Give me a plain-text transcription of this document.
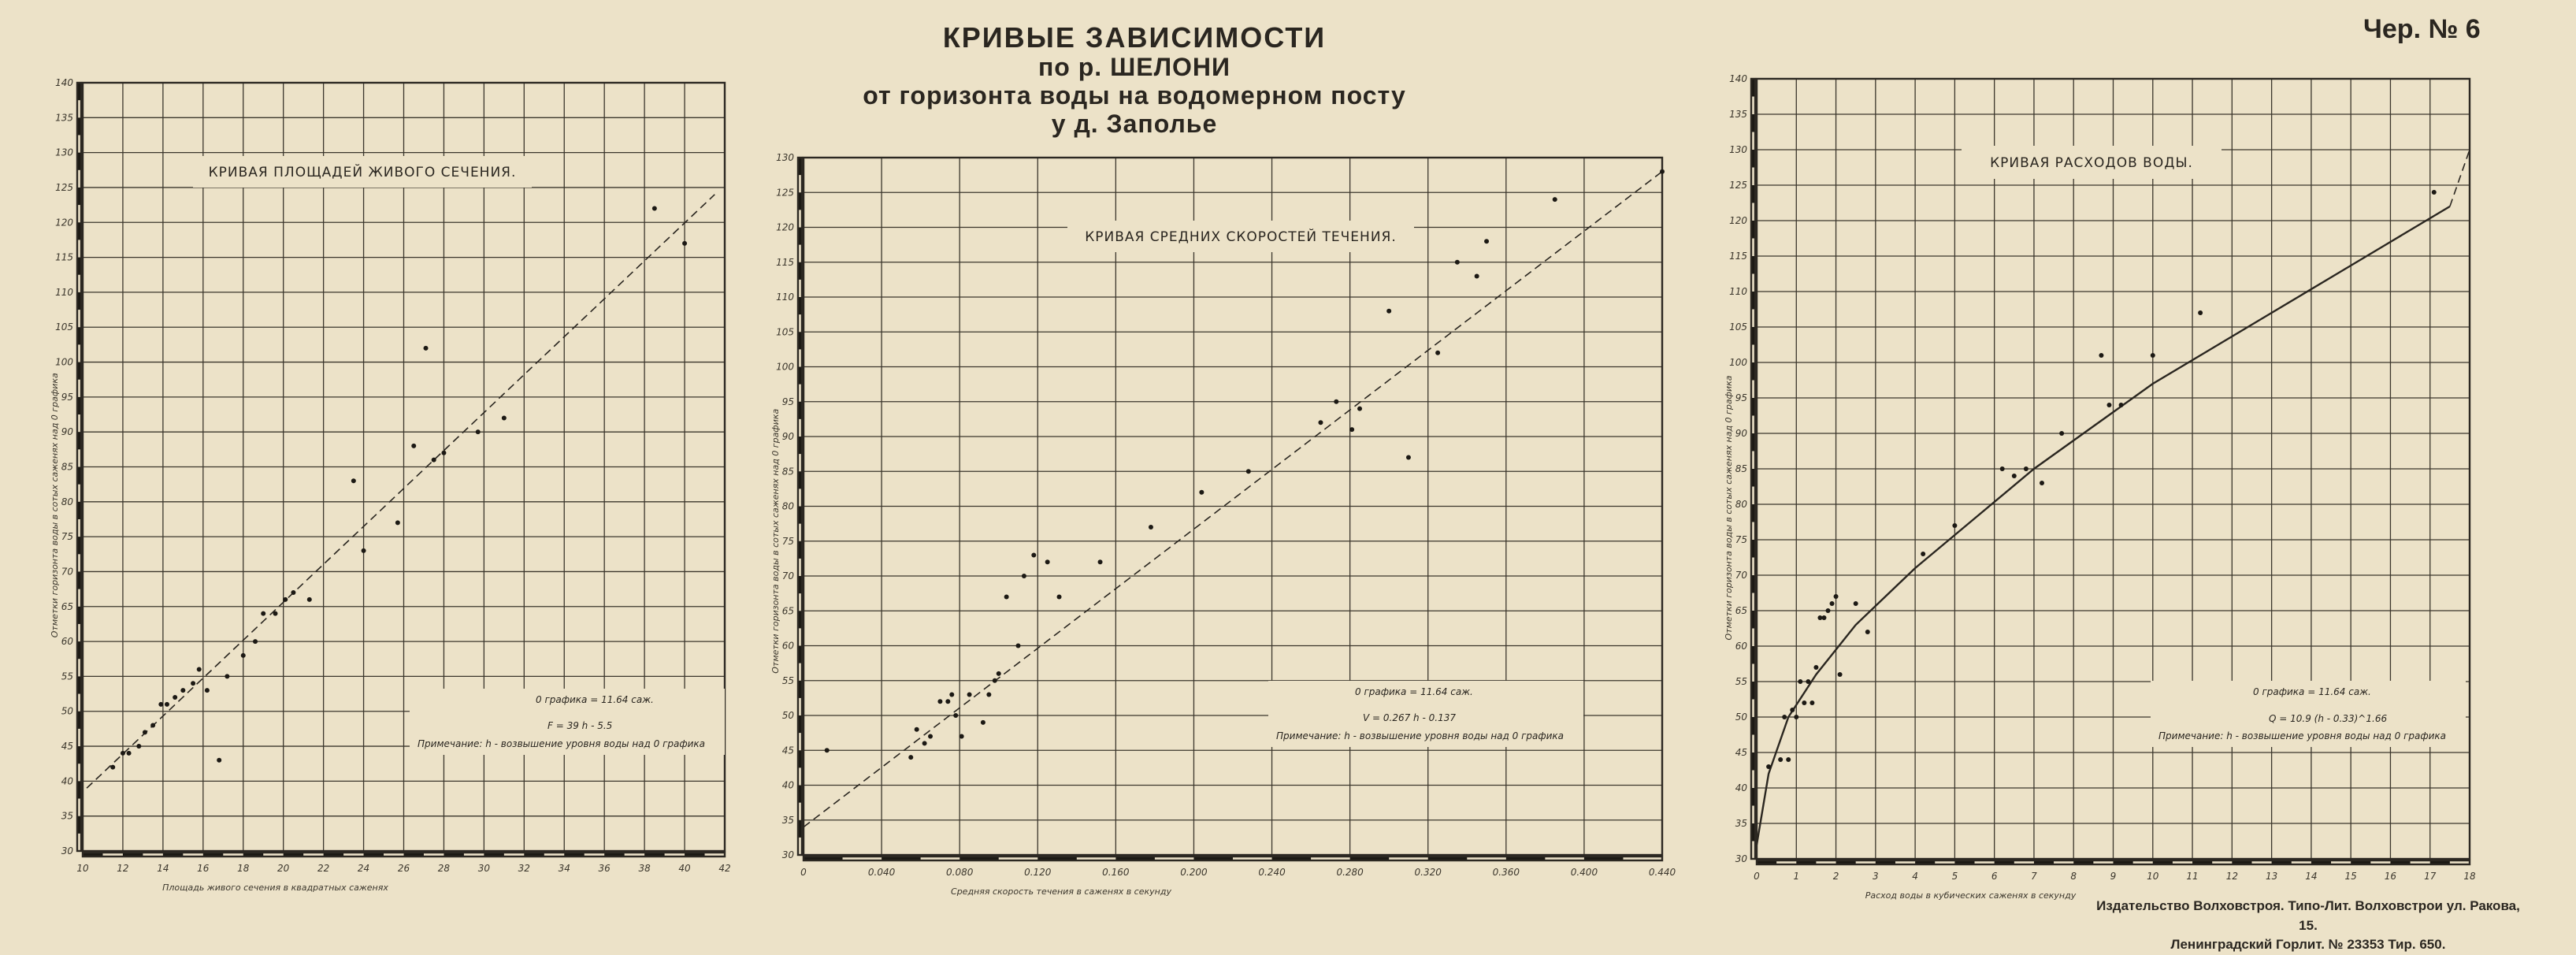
КРИВЫЕ ЗАВИСИМОСТИ
по р. ШЕЛОНИ
от горизонта воды на водомерном посту
у д. Заполье
Чер. № 6
Издательство Волховстроя. Типо-Лит. Волховстрои ул. Ракова, 15.
Ленинградский Горлит. № 23353 Тир. 650.
30
35
40
45
50
55
60
65
70
75
80
85
90
95
100
105
110
115
120
125
130
135
140
10	12	14	16	18	20	22	24	26	28	30	32	34	36	38	40	42
Площадь живого сечения в квадратных саженях
Отметки горизонта воды в сотых саженях над 0 графика
КРИВАЯ ПЛОЩАДЕЙ ЖИВОГО СЕЧЕНИЯ.
0 графика = 11.64 саж.
F = 39 h - 5.5
Примечание: h - возвышение уровня воды над 0 графика
30
35
40
45
50
55
60
65
70
75
80
85
90
95
100
105
110
115
120
125
130
0	0.040	0.080	0.120	0.160	0.200	0.240	0.280	0.320	0.360	0.400	0.440
Средняя скорость течения в саженях в секунду
Отметки горизонта воды в сотых саженях над 0 графика
КРИВАЯ СРЕДНИХ СКОРОСТЕЙ ТЕЧЕНИЯ.
0 графика = 11.64 саж.
V = 0.267 h - 0.137
Примечание: h - возвышение уровня воды над 0 графика
30
35
40
45
50
55
60
65
70
75
80
85
90
95
100
105
110
115
120
125
130
135
140
0	1	2	3	4	5	6	7	8	9	10	11	12	13	14	15	16	17	18
Расход воды в кубических саженях в секунду
Отметки горизонта воды в сотых саженях над 0 графика
КРИВАЯ РАСХОДОВ ВОДЫ.
0 графика = 11.64 саж.
Q = 10.9 (h - 0.33)^1.66
Примечание: h - возвышение уровня воды над 0 графика
